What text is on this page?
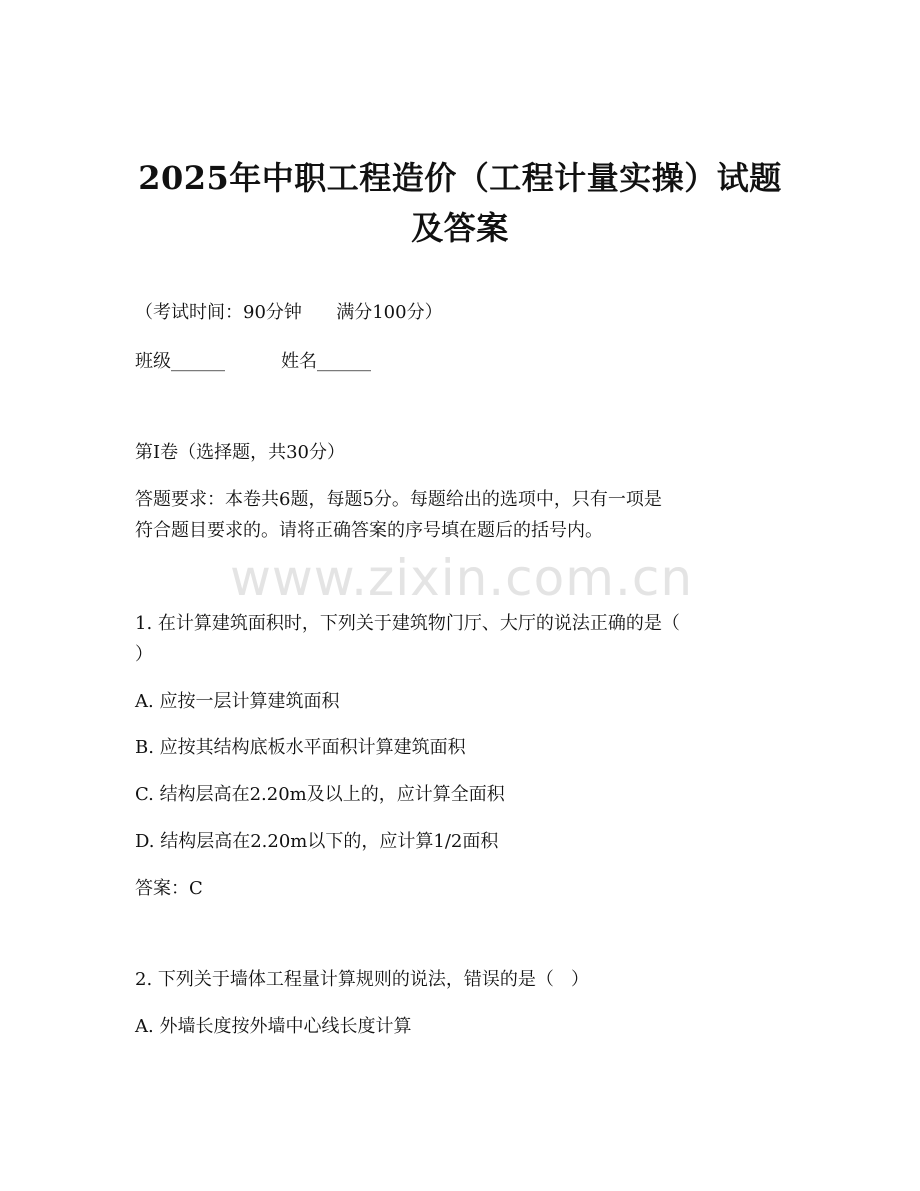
www.zixin.com.cn
2025年中职工程造价（工程计量实操）试题
及答案
（考试时间：90分钟      满分100分）
班级______	姓名______
第I卷（选择题，共30分）
答题要求：本卷共6题，每题5分。每题给出的选项中，只有一项是
符合题目要求的。请将正确答案的序号填在题后的括号内。
1. 在计算建筑面积时，下列关于建筑物门厅、大厅的说法正确的是（
）
A. 应按一层计算建筑面积
B. 应按其结构底板水平面积计算建筑面积
C. 结构层高在2.20m及以上的，应计算全面积
D. 结构层高在2.20m以下的，应计算1/2面积
答案：C
2. 下列关于墙体工程量计算规则的说法，错误的是（   ）
A. 外墙长度按外墙中心线长度计算
